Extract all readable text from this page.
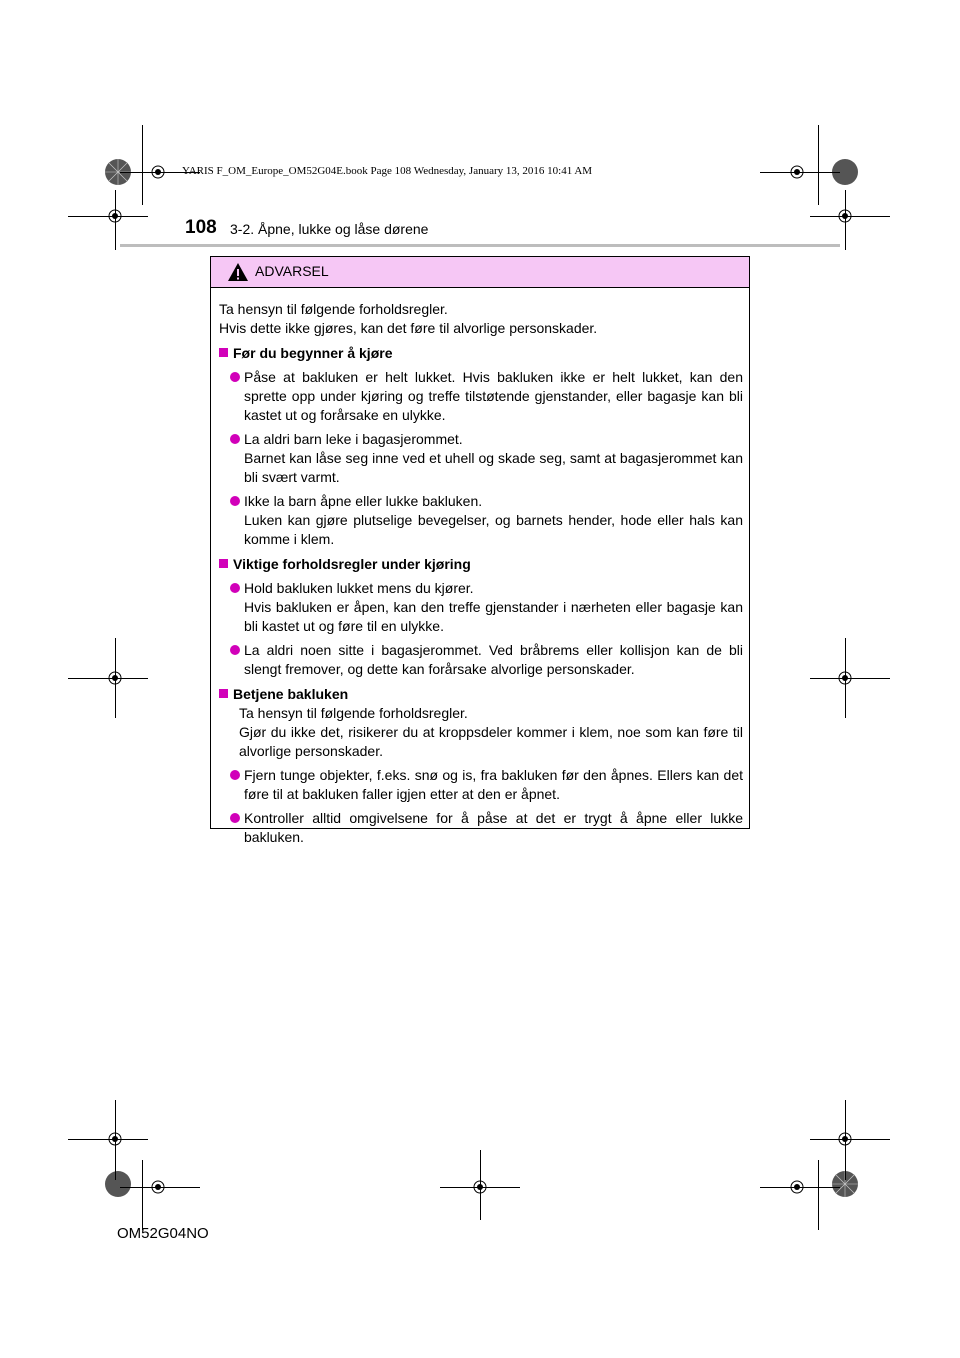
YARIS F_OM_Europe_OM52G04E.book Page 108 Wednesday, January 13, 2016 10:41 AM
108 3-2. Åpne, lukke og låse dørene
ADVARSEL

Ta hensyn til følgende forholdsregler.

Hvis dette ikke gjøres, kan det føre til alvorlige personskader.

Før du begynner å kjøre
Påse at bakluken er helt lukket. Hvis bakluken ikke er helt lukket, kan den sprette opp under kjøring og treffe tilstøtende gjenstander, eller bagasje kan bli kastet ut og forårsake en ulykke.
La aldri barn leke i bagasjerommet.
Barnet kan låse seg inne ved et uhell og skade seg, samt at bagasjerommet kan bli svært varmt.
Ikke la barn åpne eller lukke bakluken.
Luken kan gjøre plutselige bevegelser, og barnets hender, hode eller hals kan komme i klem.
Viktige forholdsregler under kjøring
Hold bakluken lukket mens du kjører.
Hvis bakluken er åpen, kan den treffe gjenstander i nærheten eller bagasje kan bli kastet ut og føre til en ulykke.
La aldri noen sitte i bagasjerommet. Ved bråbrems eller kollisjon kan de bli slengt fremover, og dette kan forårsake alvorlige personskader.
Betjene bakluken

Ta hensyn til følgende forholdsregler.

Gjør du ikke det, risikerer du at kroppsdeler kommer i klem, noe som kan føre til alvorlige personskader.

Fjern tunge objekter, f.eks. snø og is, fra bakluken før den åpnes. Ellers kan det føre til at bakluken faller igjen etter at den er åpnet.
Kontroller alltid omgivelsene for å påse at det er trygt å åpne eller lukke bakluken.
OM52G04NO
